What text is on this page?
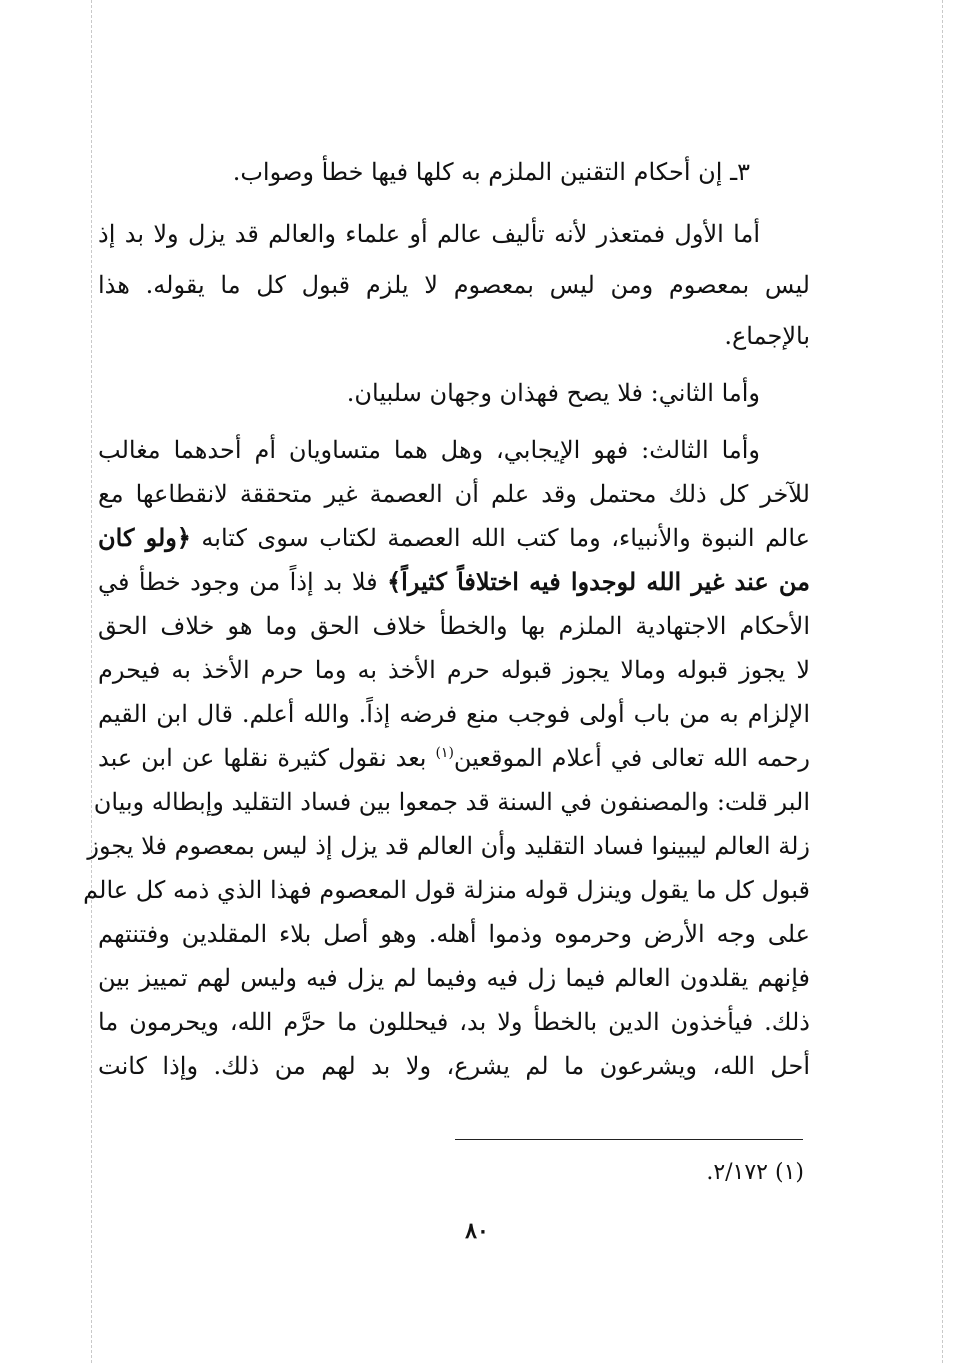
٣ـ إن أحكام التقنين الملزم به كلها فيها خطأ وصواب.
أما الأول فمتعذر لأنه تأليف عالم أو علماء والعالم قد يزل ولا بد إذ
ليس بمعصوم ومن ليس بمعصوم لا يلزم قبول كل ما يقوله. هذا
بالإجماع.
وأما الثاني: فلا يصح فهذان وجهان سلبيان.
وأما الثالث: فهو الإيجابي، وهل هما متساويان أم أحدهما مغالب
للآخر كل ذلك محتمل وقد علم أن العصمة غير متحققة لانقطاعها مع
عالم النبوة والأنبياء، وما كتب الله العصمة لكتاب سوى كتابه ﴿ولو كان
من عند غير الله لوجدوا فيه اختلافاً كثيراً﴾ فلا بد إذاً من وجود خطأ في
الأحكام الاجتهادية الملزم بها والخطأ خلاف الحق وما هو خلاف الحق
لا يجوز قبوله ومالا يجوز قبوله حرم الأخذ به وما حرم الأخذ به فيحرم
الإلزام به من باب أولى فوجب منع فرضه إذاً. والله أعلم. قال ابن القيم
رحمه الله تعالى في أعلام الموقعين$^{(١)}$ بعد نقول كثيرة نقلها عن ابن عبد
البر قلت: والمصنفون في السنة قد جمعوا بين فساد التقليد وإبطاله وبيان
زلة العالم ليبينوا فساد التقليد وأن العالم قد يزل إذ ليس بمعصوم فلا يجوز
قبول كل ما يقول وينزل قوله منزلة قول المعصوم فهذا الذي ذمه كل عالم
على وجه الأرض وحرموه وذموا أهله. وهو أصل بلاء المقلدين وفتنتهم
فإنهم يقلدون العالم فيما زل فيه وفيما لم يزل فيه وليس لهم تمييز بين
ذلك. فيأخذون الدين بالخطأ ولا بد، فيحللون ما حرَّم الله، ويحرمون ما
أحل الله، ويشرعون ما لم يشرع، ولا بد لهم من ذلك. وإذا كانت
(١) ٢/١٧٢.
٨٠
